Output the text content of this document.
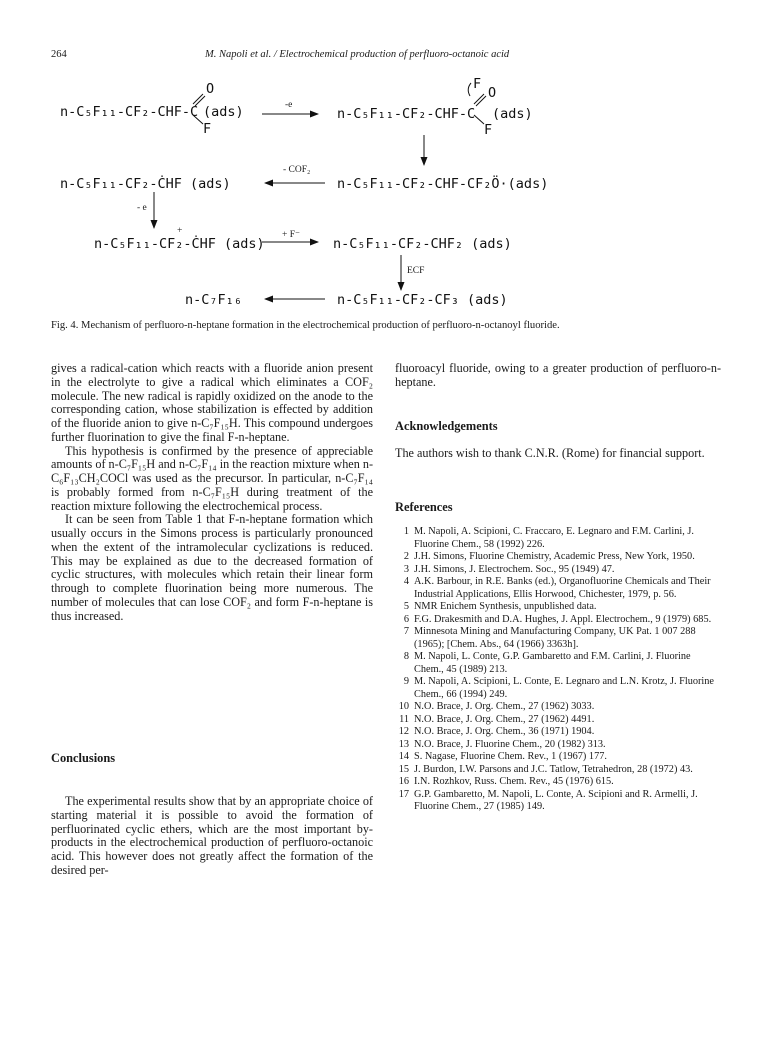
264	M. Napoli et al. / Electrochemical production of perfluoro-octanoic acid
n-C₅F₁₁-CF₂-CHF-C
O
(ads)
F
-e
n-C₅F₁₁-CF₂-CHF-C
F
O
(ads)
F
n-C₅F₁₁-CF₂-ĊHF (ads)
- COF₂
n-C₅F₁₁-CF₂-CHF-CF₂Ö·(ads)
- e
n-C₅F₁₁-CF₂-ĊHF (ads)
+	+ F⁻
n-C₅F₁₁-CF₂-CHF₂ (ads)
ECF
n-C₇F₁₆	n-C₅F₁₁-CF₂-CF₃ (ads)
Fig. 4. Mechanism of perfluoro-n-heptane formation in the electrochemical production of perfluoro-n-octanoyl fluoride.

gives a radical-cation which reacts with a fluoride anion present in the electrolyte to give a radical which eliminates a COF₂ molecule. The new radical is rapidly oxidized on the anode to the corresponding cation, whose stabilization is effected by addition of the fluoride anion to give n-C₇F₁₅H. This compound undergoes further fluorination to give the final F-n-heptane.

This hypothesis is confirmed by the presence of appreciable amounts of n-C₇F₁₅H and n-C₇F₁₄ in the reaction mixture when n-C₆F₁₃CH₂COCl was used as the precursor. In particular, n-C₇F₁₄ is probably formed from n-C₇F₁₅H during treatment of the reaction mixture following the electrochemical process.

It can be seen from Table 1 that F-n-heptane formation which usually occurs in the Simons process is particularly pronounced when the extent of the intramolecular cyclizations is reduced. This may be explained as due to the decreased formation of cyclic structures, with molecules which retain their linear form through to complete fluorination being more numerous. The number of molecules that can lose COF₂ and form F-n-heptane is thus increased.

Conclusions
The experimental results show that by an appropriate choice of starting material it is possible to avoid the formation of perfluorinated cyclic ethers, which are the most important by-products in the electrochemical production of perfluoro-octanoic acid. This however does not greatly affect the formation of the desired per-
fluoroacyl fluoride, owing to a greater production of perfluoro-n-heptane.
Acknowledgements
The authors wish to thank C.N.R. (Rome) for financial support.
References
1 M. Napoli, A. Scipioni, C. Fraccaro, E. Legnaro and F.M. Carlini, J. Fluorine Chem., 58 (1992) 226.
2 J.H. Simons, Fluorine Chemistry, Academic Press, New York, 1950.
3 J.H. Simons, J. Electrochem. Soc., 95 (1949) 47.
4 A.K. Barbour, in R.E. Banks (ed.), Organofluorine Chemicals and Their Industrial Applications, Ellis Horwood, Chichester, 1979, p. 56.
5 NMR Enichem Synthesis, unpublished data.
6 F.G. Drakesmith and D.A. Hughes, J. Appl. Electrochem., 9 (1979) 685.
7 Minnesota Mining and Manufacturing Company, UK Pat. 1 007 288 (1965); [Chem. Abs., 64 (1966) 3363h].
8 M. Napoli, L. Conte, G.P. Gambaretto and F.M. Carlini, J. Fluorine Chem., 45 (1989) 213.
9 M. Napoli, A. Scipioni, L. Conte, E. Legnaro and L.N. Krotz, J. Fluorine Chem., 66 (1994) 249.
10 N.O. Brace, J. Org. Chem., 27 (1962) 3033.
11 N.O. Brace, J. Org. Chem., 27 (1962) 4491.
12 N.O. Brace, J. Org. Chem., 36 (1971) 1904.
13 N.O. Brace, J. Fluorine Chem., 20 (1982) 313.
14 S. Nagase, Fluorine Chem. Rev., 1 (1967) 177.
15 J. Burdon, I.W. Parsons and J.C. Tatlow, Tetrahedron, 28 (1972) 43.
16 I.N. Rozhkov, Russ. Chem. Rev., 45 (1976) 615.
17 G.P. Gambaretto, M. Napoli, L. Conte, A. Scipioni and R. Armelli, J. Fluorine Chem., 27 (1985) 149.
